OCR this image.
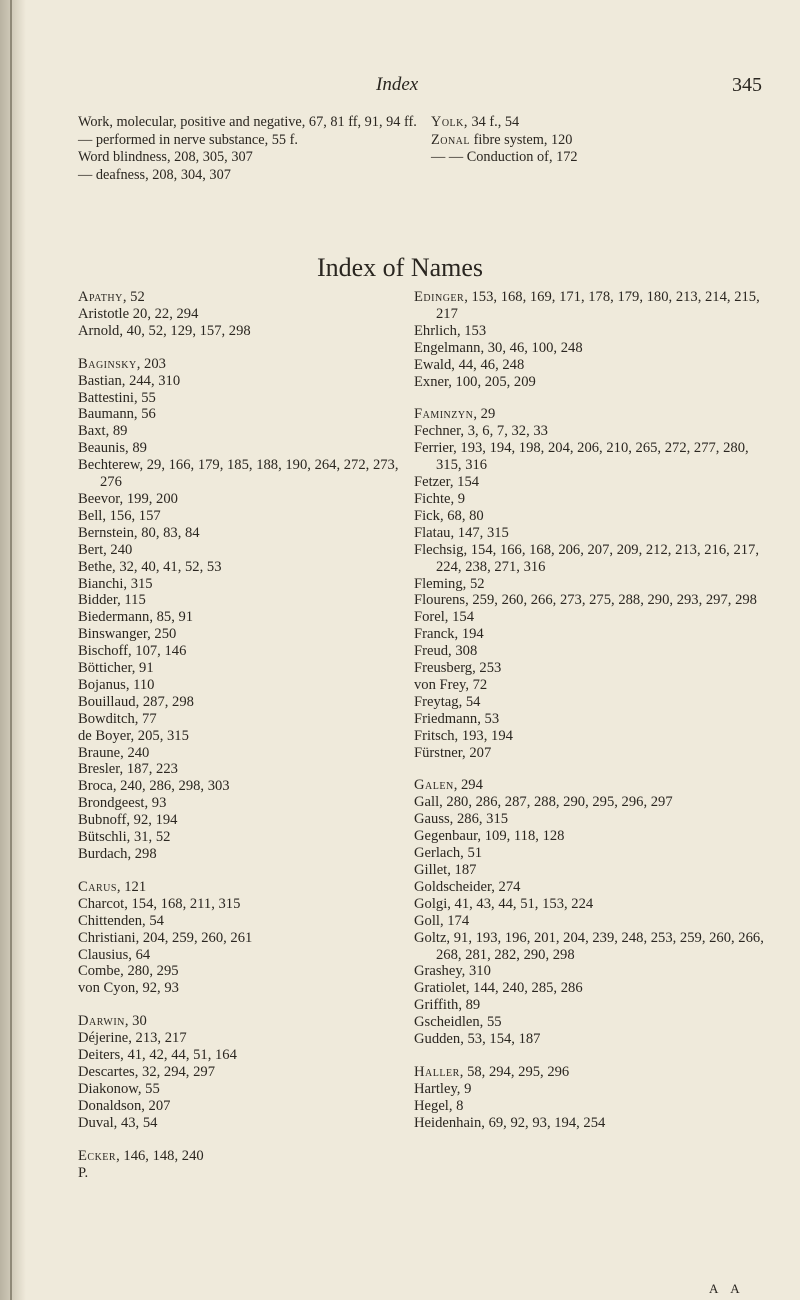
Index	345
Work, molecular, positive and negative, 67, 81 ff, 91, 94 ff.
— performed in nerve substance, 55 f.
Word blindness, 208, 305, 307
— deafness, 208, 304, 307
Yolk, 34 f., 54
Zonal fibre system, 120
— — Conduction of, 172
Index of Names
Apathy, 52
Aristotle 20, 22, 294
Arnold, 40, 52, 129, 157, 298
Baginsky, 203
Bastian, 244, 310
Battestini, 55
Baumann, 56
Baxt, 89
Beaunis, 89
Bechterew, 29, 166, 179, 185, 188, 190, 264, 272, 273, 276
Beevor, 199, 200
Bell, 156, 157
Bernstein, 80, 83, 84
Bert, 240
Bethe, 32, 40, 41, 52, 53
Bianchi, 315
Bidder, 115
Biedermann, 85, 91
Binswanger, 250
Bischoff, 107, 146
Bötticher, 91
Bojanus, 110
Bouillaud, 287, 298
Bowditch, 77
de Boyer, 205, 315
Braune, 240
Bresler, 187, 223
Broca, 240, 286, 298, 303
Brondgeest, 93
Bubnoff, 92, 194
Bütschli, 31, 52
Burdach, 298
Carus, 121
Charcot, 154, 168, 211, 315
Chittenden, 54
Christiani, 204, 259, 260, 261
Clausius, 64
Combe, 280, 295
von Cyon, 92, 93
Darwin, 30
Déjerine, 213, 217
Deiters, 41, 42, 44, 51, 164
Descartes, 32, 294, 297
Diakonow, 55
Donaldson, 207
Duval, 43, 54
Ecker, 146, 148, 240
P.
Edinger, 153, 168, 169, 171, 178, 179, 180, 213, 214, 215, 217
Ehrlich, 153
Engelmann, 30, 46, 100, 248
Ewald, 44, 46, 248
Exner, 100, 205, 209
Faminzyn, 29
Fechner, 3, 6, 7, 32, 33
Ferrier, 193, 194, 198, 204, 206, 210, 265, 272, 277, 280, 315, 316
Fetzer, 154
Fichte, 9
Fick, 68, 80
Flatau, 147, 315
Flechsig, 154, 166, 168, 206, 207, 209, 212, 213, 216, 217, 224, 238, 271, 316
Fleming, 52
Flourens, 259, 260, 266, 273, 275, 288, 290, 293, 297, 298
Forel, 154
Franck, 194
Freud, 308
Freusberg, 253
von Frey, 72
Freytag, 54
Friedmann, 53
Fritsch, 193, 194
Fürstner, 207
Galen, 294
Gall, 280, 286, 287, 288, 290, 295, 296, 297
Gauss, 286, 315
Gegenbaur, 109, 118, 128
Gerlach, 51
Gillet, 187
Goldscheider, 274
Golgi, 41, 43, 44, 51, 153, 224
Goll, 174
Goltz, 91, 193, 196, 201, 204, 239, 248, 253, 259, 260, 266, 268, 281, 282, 290, 298
Grashey, 310
Gratiolet, 144, 240, 285, 286
Griffith, 89
Gscheidlen, 55
Gudden, 53, 154, 187
Haller, 58, 294, 295, 296
Hartley, 9
Hegel, 8
Heidenhain, 69, 92, 93, 194, 254
A A
